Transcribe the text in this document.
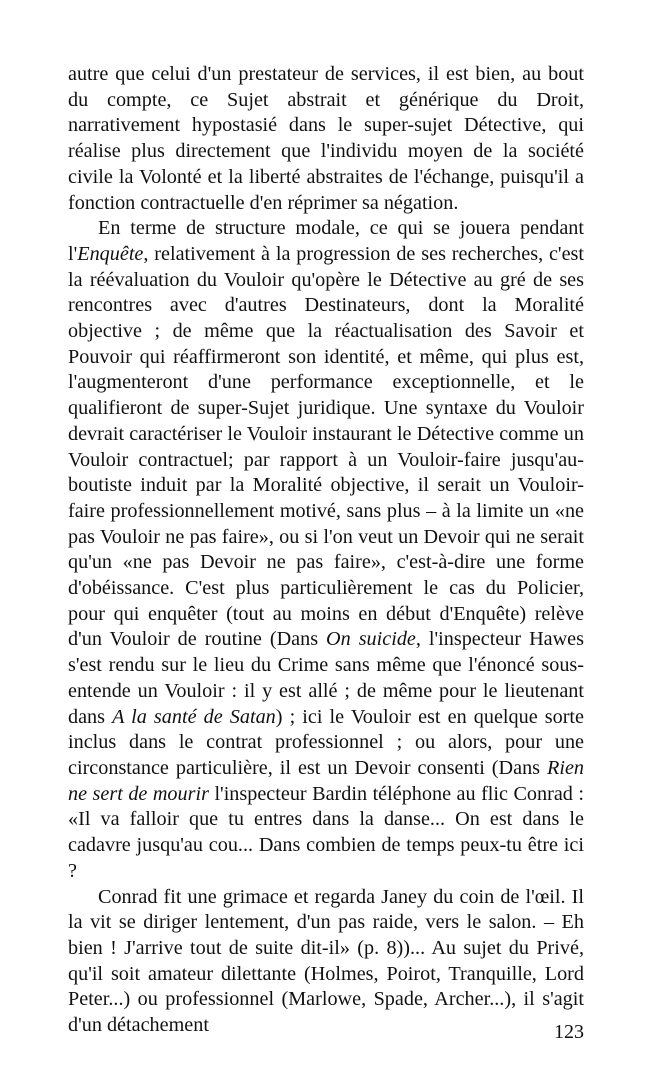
autre que celui d'un prestateur de services, il est bien, au bout du compte, ce Sujet abstrait et générique du Droit, narrativement hypostasié dans le super-sujet Détective, qui réalise plus directement que l'individu moyen de la société civile la Volonté et la liberté abstraites de l'échange, puisqu'il a fonction contractuelle d'en réprimer sa négation.

En terme de structure modale, ce qui se jouera pendant l'Enquête, relativement à la progression de ses recherches, c'est la réévaluation du Vouloir qu'opère le Détective au gré de ses rencontres avec d'autres Destinateurs, dont la Moralité objective ; de même que la réactualisation des Savoir et Pouvoir qui réaffirmeront son identité, et même, qui plus est, l'augmenteront d'une performance exceptionnelle, et le qualifieront de super-Sujet juridique. Une syntaxe du Vouloir devrait caractériser le Vouloir instaurant le Détective comme un Vouloir contractuel; par rapport à un Vouloir-faire jusqu'au-boutiste induit par la Moralité objective, il serait un Vouloir-faire professionnellement motivé, sans plus – à la limite un «ne pas Vouloir ne pas faire», ou si l'on veut un Devoir qui ne serait qu'un «ne pas Devoir ne pas faire», c'est-à-dire une forme d'obéissance. C'est plus particulièrement le cas du Policier, pour qui enquêter (tout au moins en début d'Enquête) relève d'un Vouloir de routine (Dans On suicide, l'inspecteur Hawes s'est rendu sur le lieu du Crime sans même que l'énoncé sous-entende un Vouloir : il y est allé ; de même pour le lieutenant dans A la santé de Satan) ; ici le Vouloir est en quelque sorte inclus dans le contrat professionnel ; ou alors, pour une circonstance particulière, il est un Devoir consenti (Dans Rien ne sert de mourir l'inspecteur Bardin téléphone au flic Conrad : «Il va falloir que tu entres dans la danse... On est dans le cadavre jusqu'au cou... Dans combien de temps peux-tu être ici ?

Conrad fit une grimace et regarda Janey du coin de l'œil. Il la vit se diriger lentement, d'un pas raide, vers le salon. – Eh bien ! J'arrive tout de suite dit-il» (p. 8))... Au sujet du Privé, qu'il soit amateur dilettante (Holmes, Poirot, Tranquille, Lord Peter...) ou professionnel (Marlowe, Spade, Archer...), il s'agit d'un détachement	123
